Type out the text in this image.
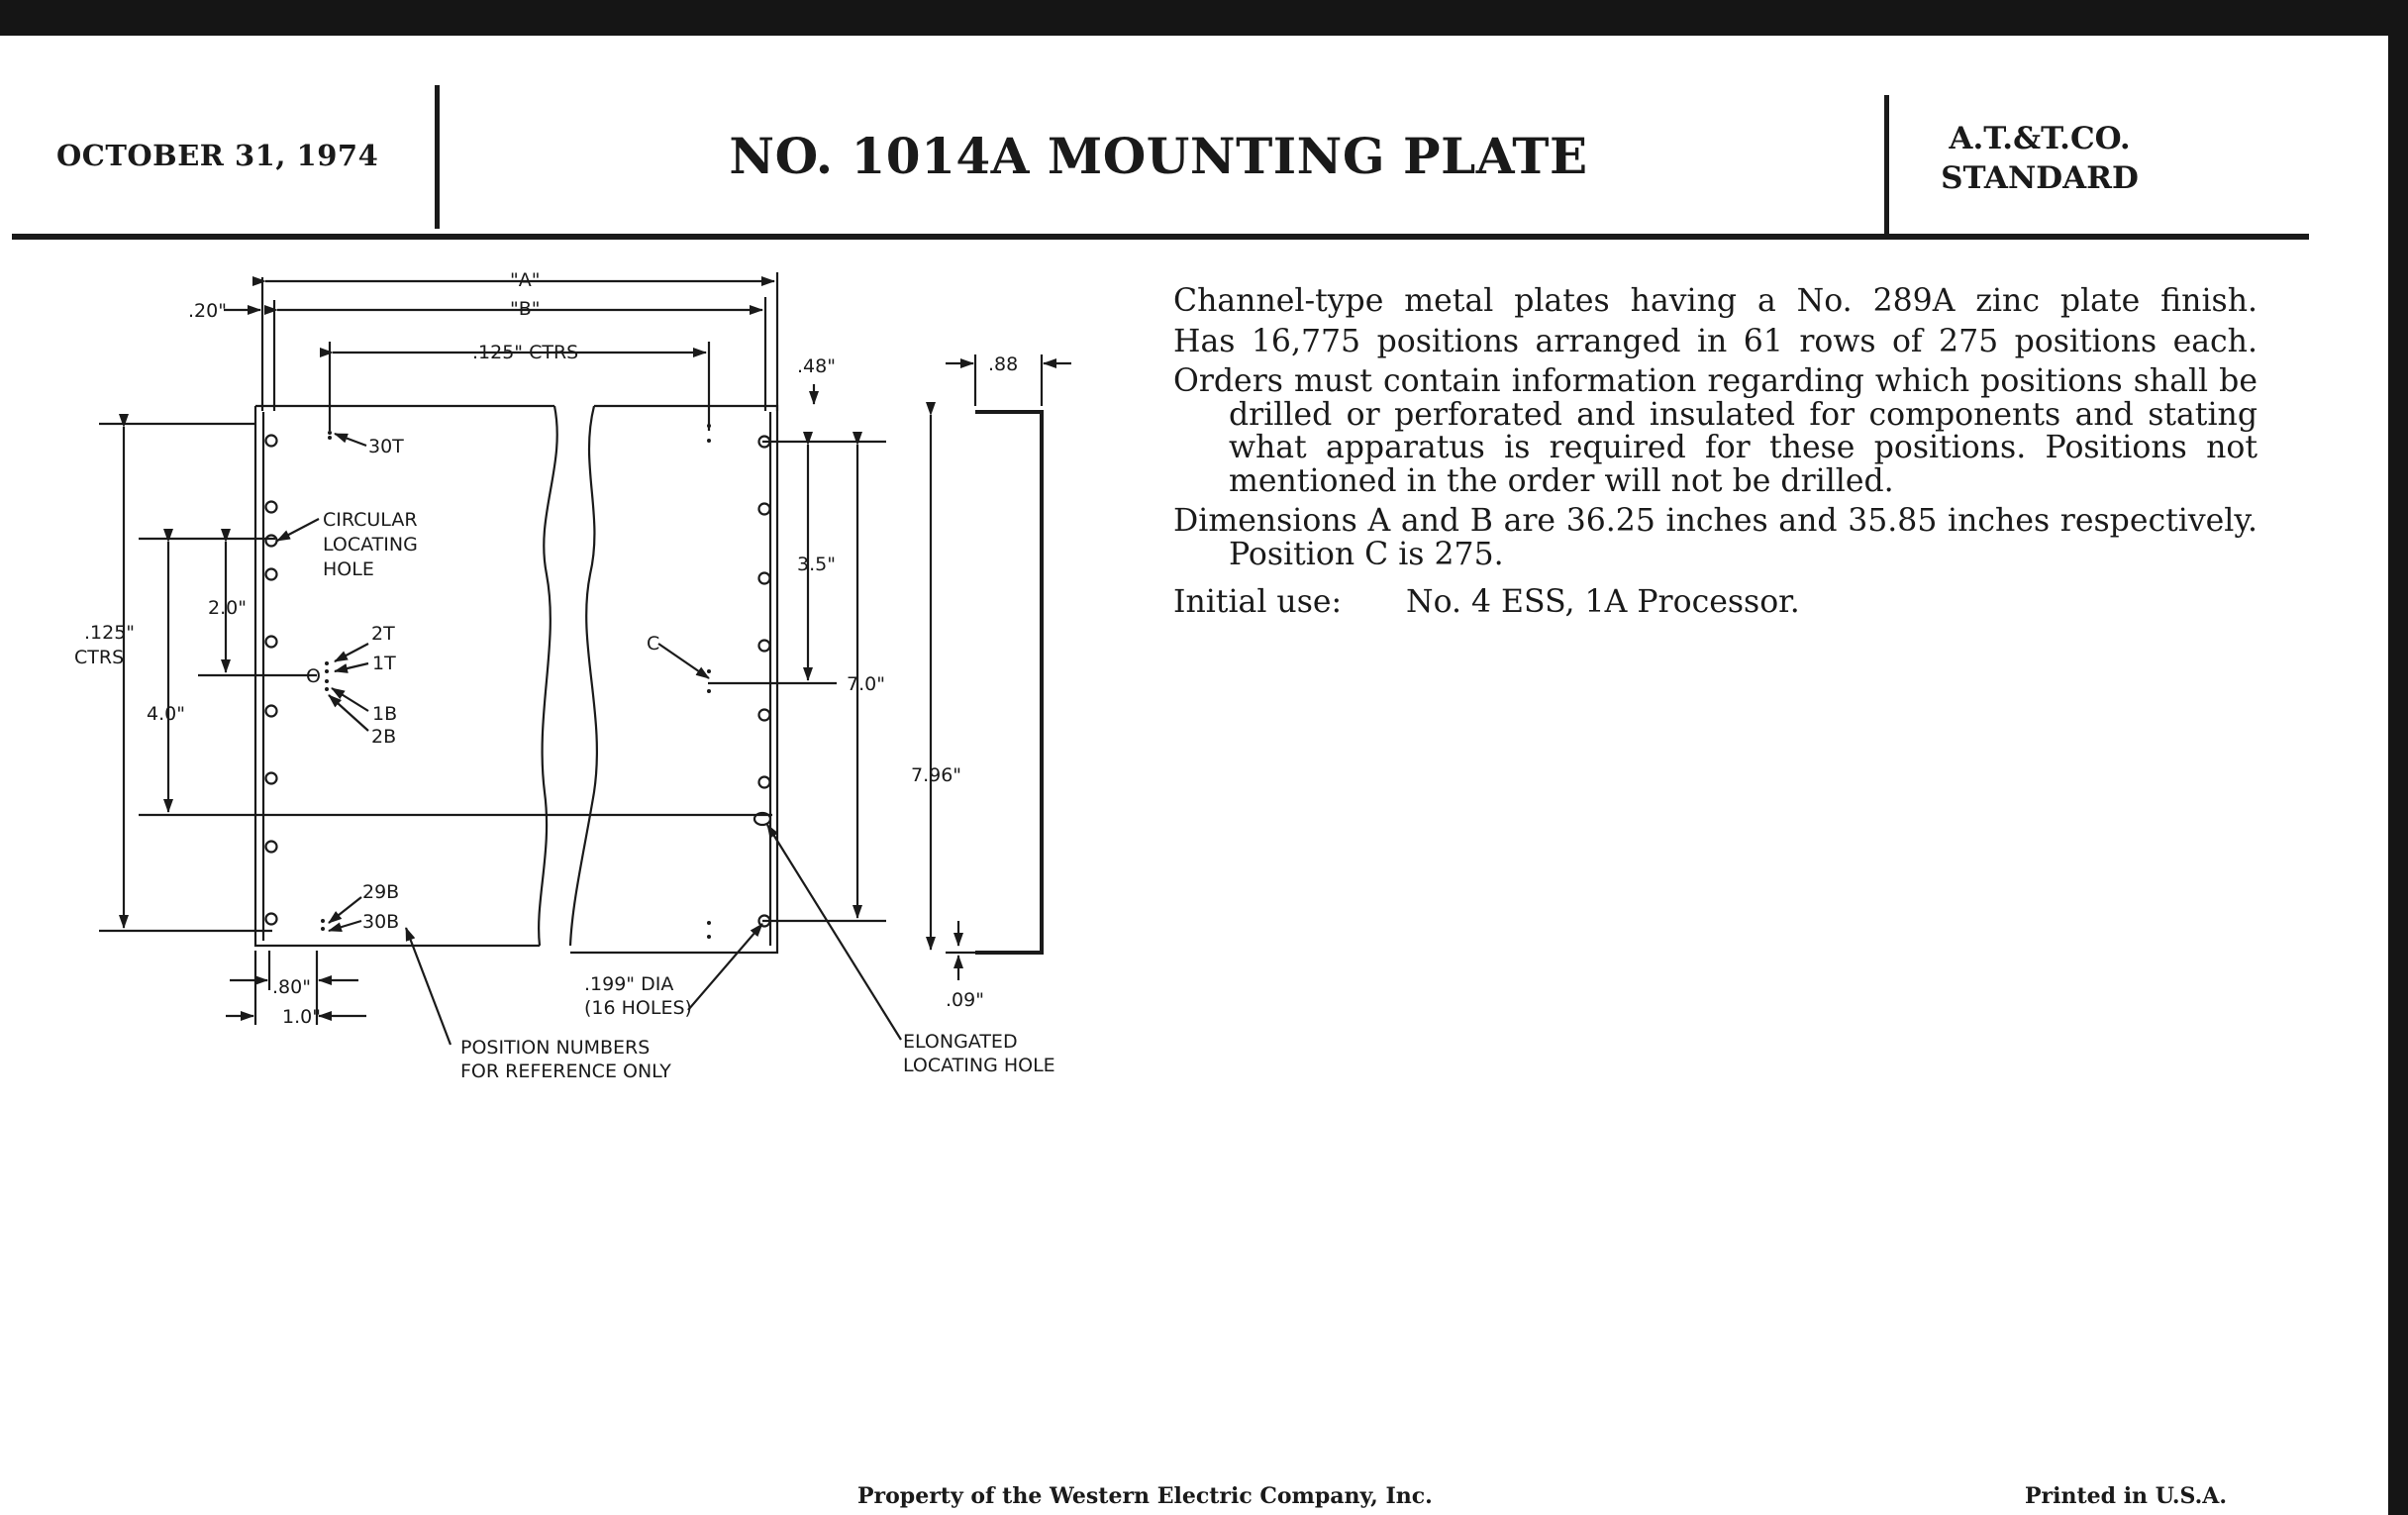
OCTOBER 31, 1974	NO. 1014A MOUNTING PLATE	A.T.&T.CO.
STANDARD

Channel-type metal plates having a No. 289A zinc plate finish.

Has 16,775 positions arranged in 61 rows of 275 positions each.

Orders must contain information regarding which positions shall be drilled or perforated and insulated for components and stating what apparatus is required for these positions. Positions not mentioned in the order will not be drilled.

Dimensions A and B are 36.25 inches and 35.85 inches respectively. Position C is 275.

Initial use: No. 4 ESS, 1A Processor.
"A"
"B"
.20"
.125" CTRS
.48"	.88
.125"
CTRS
4.0"
2.0"
3.5"
7.0"
7.96"
.09"
.80"
1.0"
30T
CIRCULAR
LOCATING
HOLE
2T
1T
O
1B
2B
C
29B
30B
.199" DIA
(16 HOLES)
POSITION NUMBERS
FOR REFERENCE ONLY
ELONGATED
LOCATING HOLE
Property of the Western Electric Company, Inc.	Printed in U.S.A.
